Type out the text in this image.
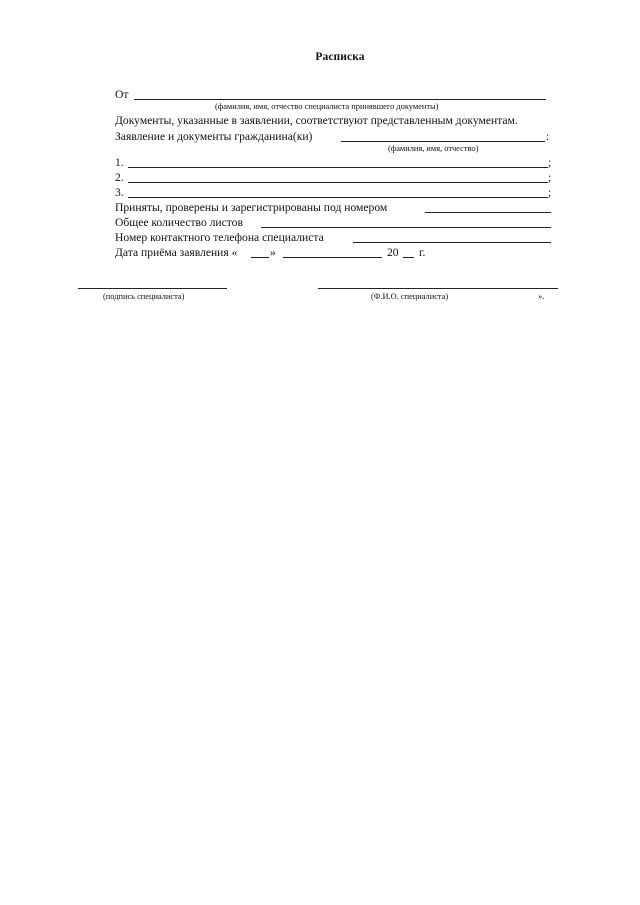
Расписка
От
(фамилия, имя, отчество специалиста принявшего документы)
Документы, указанные в заявлении, соответствуют представленным документам.
Заявление и документы гражданина(ки)	:
(фамилия, имя, отчество)
1.	;
2.	;
3.	;
Приняты, проверены и зарегистрированы под номером
Общее количество листов
Номер контактного телефона специалиста
Дата приёма заявления «	»	20 г.
(подпись специалиста)	(Ф.И.О. специалиста)	».
